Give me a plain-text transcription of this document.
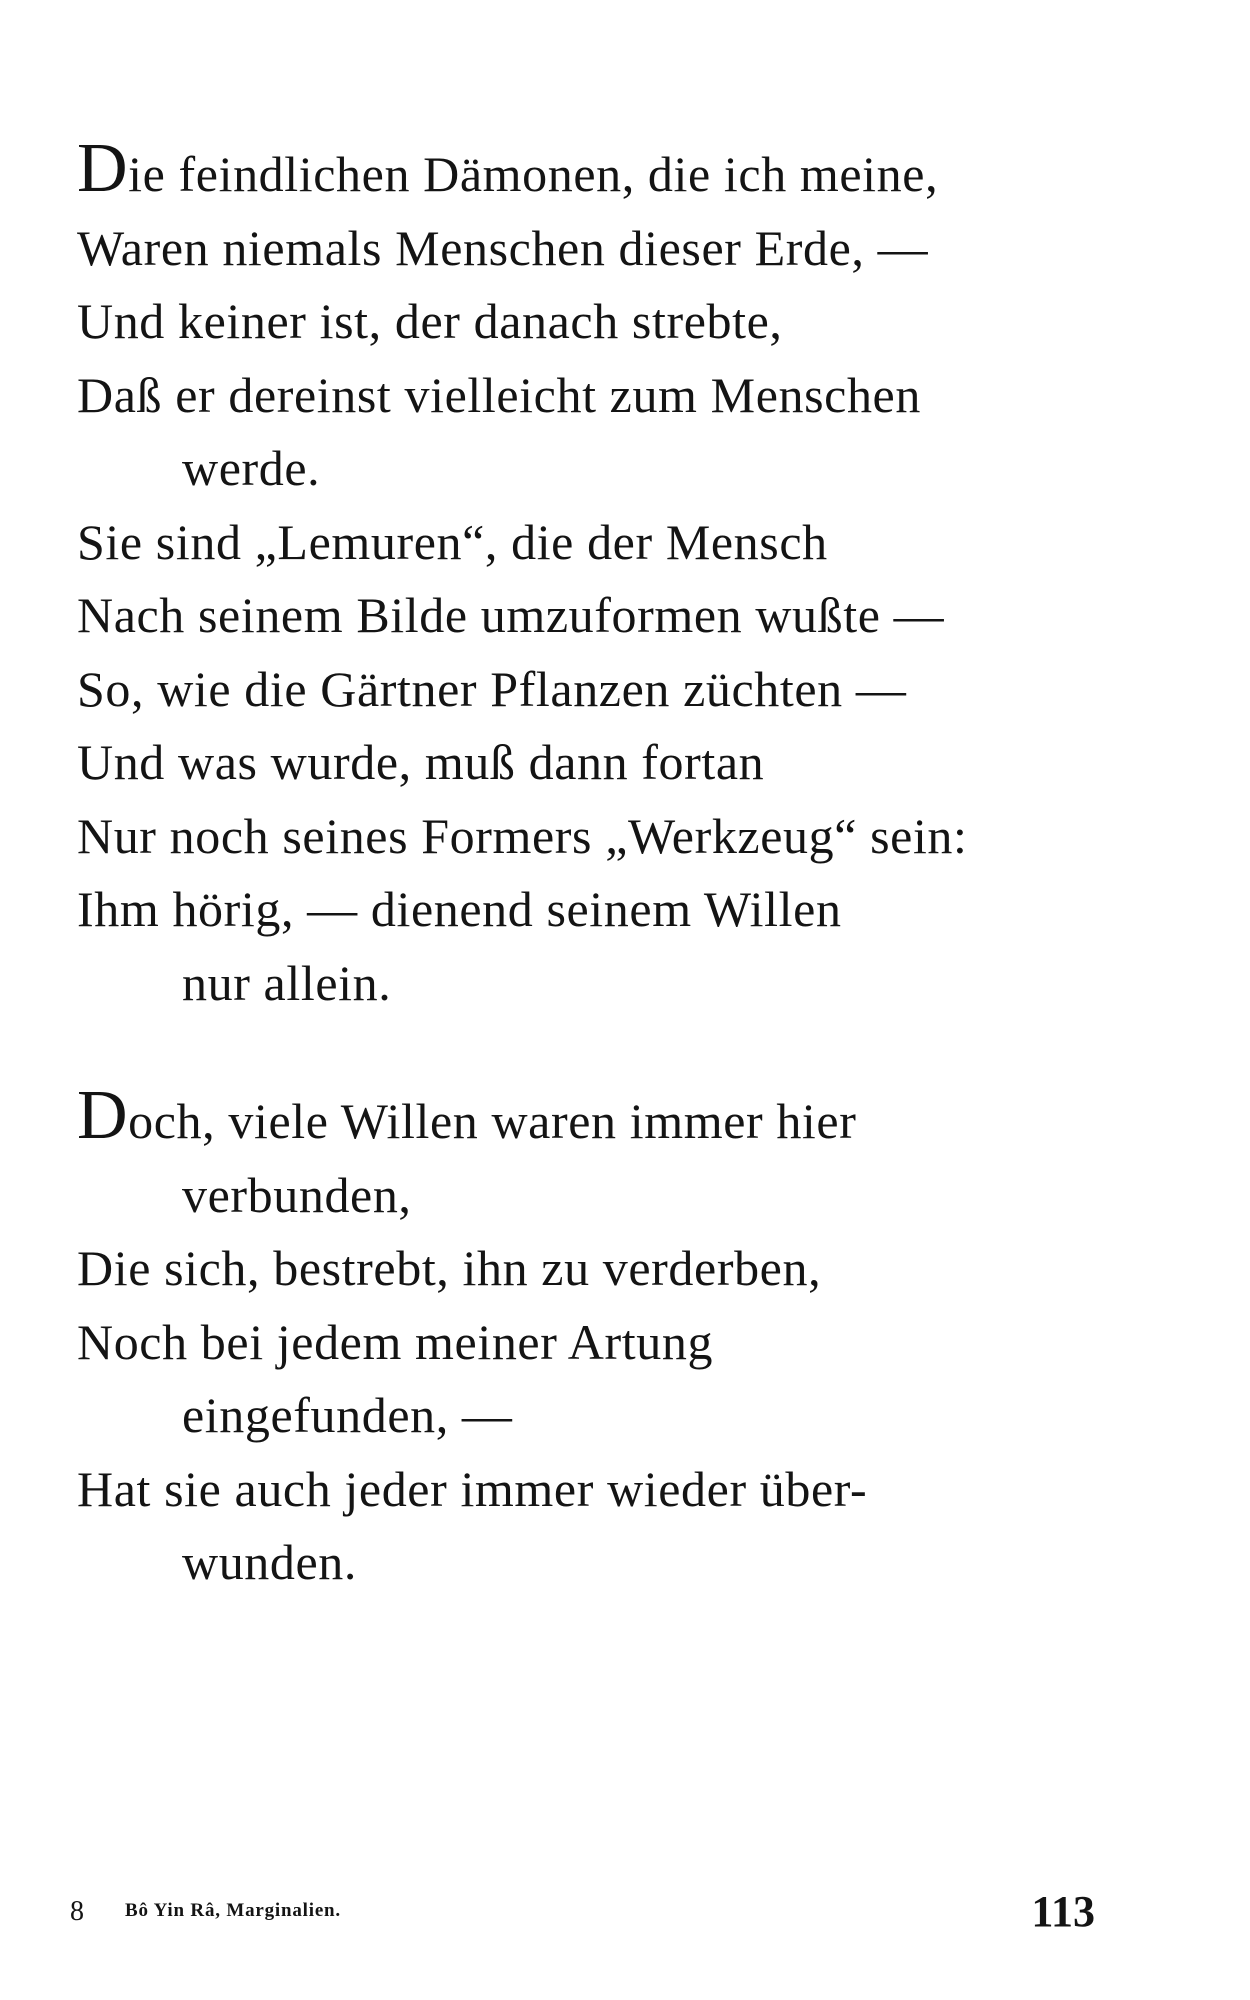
Die feindlichen Dämonen, die ich meine,
Waren niemals Menschen dieser Erde, —
Und keiner ist, der danach strebte,
Daß er dereinst vielleicht zum Menschen
werde.
Sie sind „Lemuren“, die der Mensch
Nach seinem Bilde umzuformen wußte —
So, wie die Gärtner Pflanzen züchten —
Und was wurde, muß dann fortan
Nur noch seines Formers „Werkzeug“ sein:
Ihm hörig, — dienend seinem Willen
nur allein.
Doch, viele Willen waren immer hier
verbunden,
Die sich, bestrebt, ihn zu verderben,
Noch bei jedem meiner Artung
eingefunden, —
Hat sie auch jeder immer wieder über-
wunden.
8 Bô Yin Râ, Marginalien.	113
